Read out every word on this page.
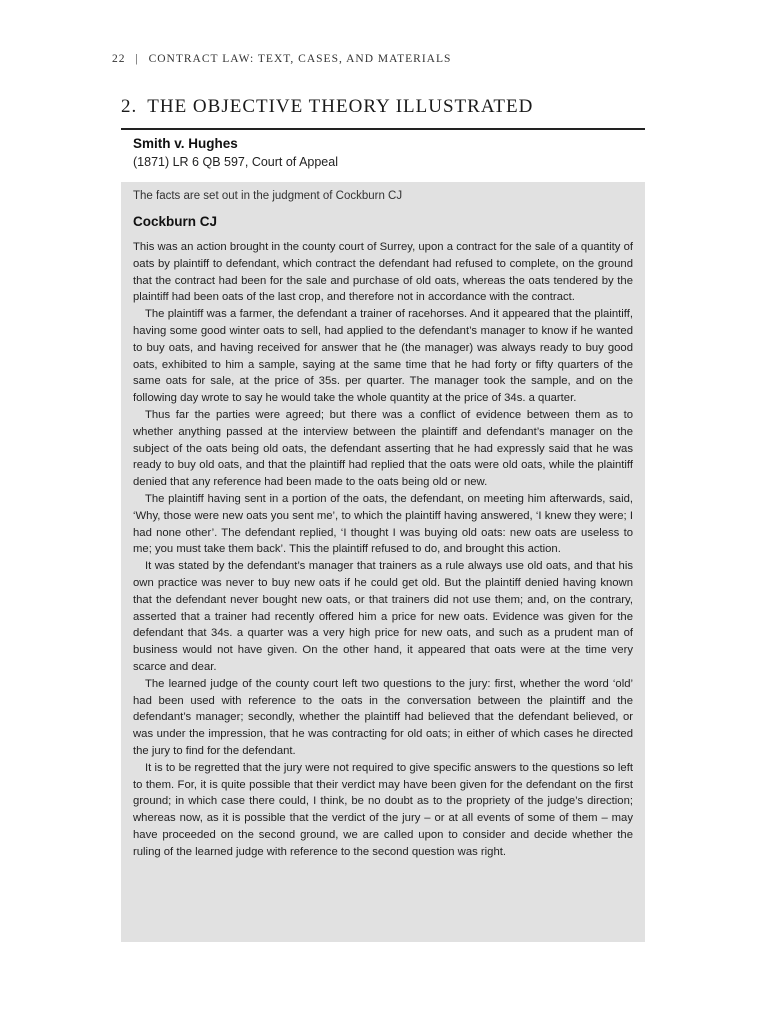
22 | CONTRACT LAW: TEXT, CASES, AND MATERIALS
2. THE OBJECTIVE THEORY ILLUSTRATED
Smith v. Hughes
(1871) LR 6 QB 597, Court of Appeal

The facts are set out in the judgment of Cockburn CJ

Cockburn CJ

This was an action brought in the county court of Surrey, upon a contract for the sale of a quantity of oats by plaintiff to defendant, which contract the defendant had refused to complete, on the ground that the contract had been for the sale and purchase of old oats, whereas the oats tendered by the plaintiff had been oats of the last crop, and therefore not in accordance with the contract.

The plaintiff was a farmer, the defendant a trainer of racehorses. And it appeared that the plaintiff, having some good winter oats to sell, had applied to the defendant’s manager to know if he wanted to buy oats, and having received for answer that he (the manager) was always ready to buy good oats, exhibited to him a sample, saying at the same time that he had forty or fifty quarters of the same oats for sale, at the price of 35s. per quarter. The manager took the sample, and on the following day wrote to say he would take the whole quantity at the price of 34s. a quarter.

Thus far the parties were agreed; but there was a conflict of evidence between them as to whether anything passed at the interview between the plaintiff and defendant’s manager on the subject of the oats being old oats, the defendant asserting that he had expressly said that he was ready to buy old oats, and that the plaintiff had replied that the oats were old oats, while the plaintiff denied that any reference had been made to the oats being old or new.

The plaintiff having sent in a portion of the oats, the defendant, on meeting him afterwards, said, ‘Why, those were new oats you sent me’, to which the plaintiff having answered, ‘I knew they were; I had none other’. The defendant replied, ‘I thought I was buying old oats: new oats are useless to me; you must take them back’. This the plaintiff refused to do, and brought this action.

It was stated by the defendant’s manager that trainers as a rule always use old oats, and that his own practice was never to buy new oats if he could get old. But the plaintiff denied having known that the defendant never bought new oats, or that trainers did not use them; and, on the contrary, asserted that a trainer had recently offered him a price for new oats. Evidence was given for the defendant that 34s. a quarter was a very high price for new oats, and such as a prudent man of business would not have given. On the other hand, it appeared that oats were at the time very scarce and dear.

The learned judge of the county court left two questions to the jury: first, whether the word ‘old’ had been used with reference to the oats in the conversation between the plaintiff and the defendant’s manager; secondly, whether the plaintiff had believed that the defendant believed, or was under the impression, that he was contracting for old oats; in either of which cases he directed the jury to find for the defendant.

It is to be regretted that the jury were not required to give specific answers to the questions so left to them. For, it is quite possible that their verdict may have been given for the defendant on the first ground; in which case there could, I think, be no doubt as to the propriety of the judge’s direction; whereas now, as it is possible that the verdict of the jury – or at all events of some of them – may have proceeded on the second ground, we are called upon to consider and decide whether the ruling of the learned judge with reference to the second question was right.
